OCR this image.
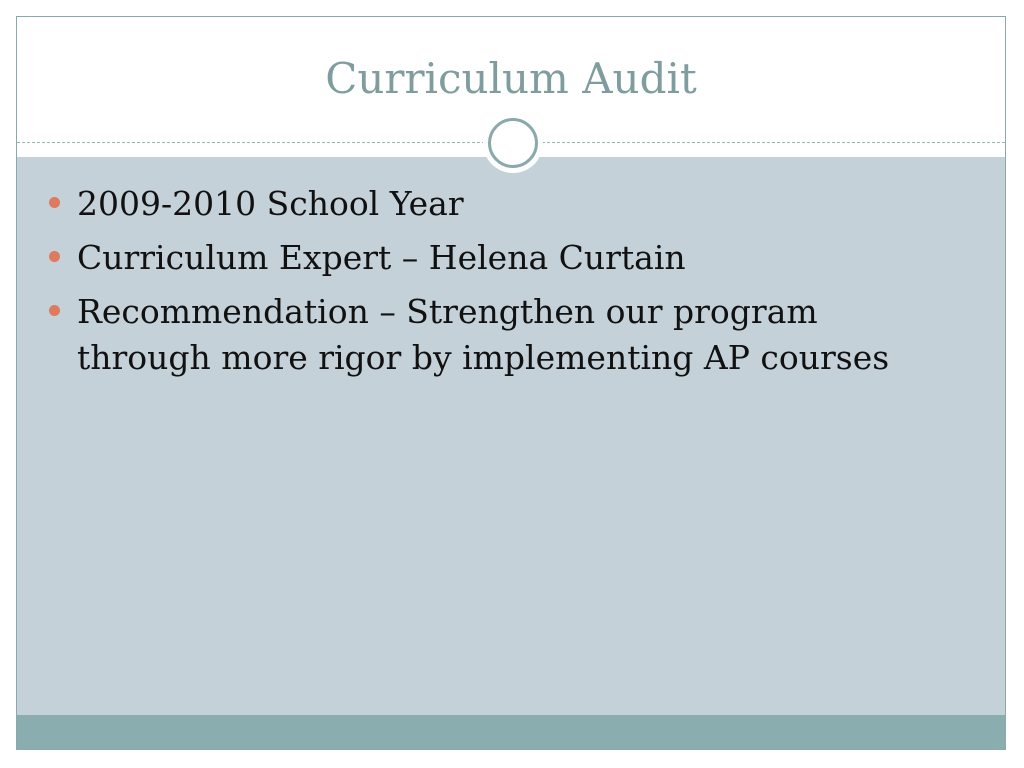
Curriculum Audit
2009-2010 School Year
Curriculum Expert – Helena Curtain
Recommendation – Strengthen our program through more rigor by implementing AP courses
